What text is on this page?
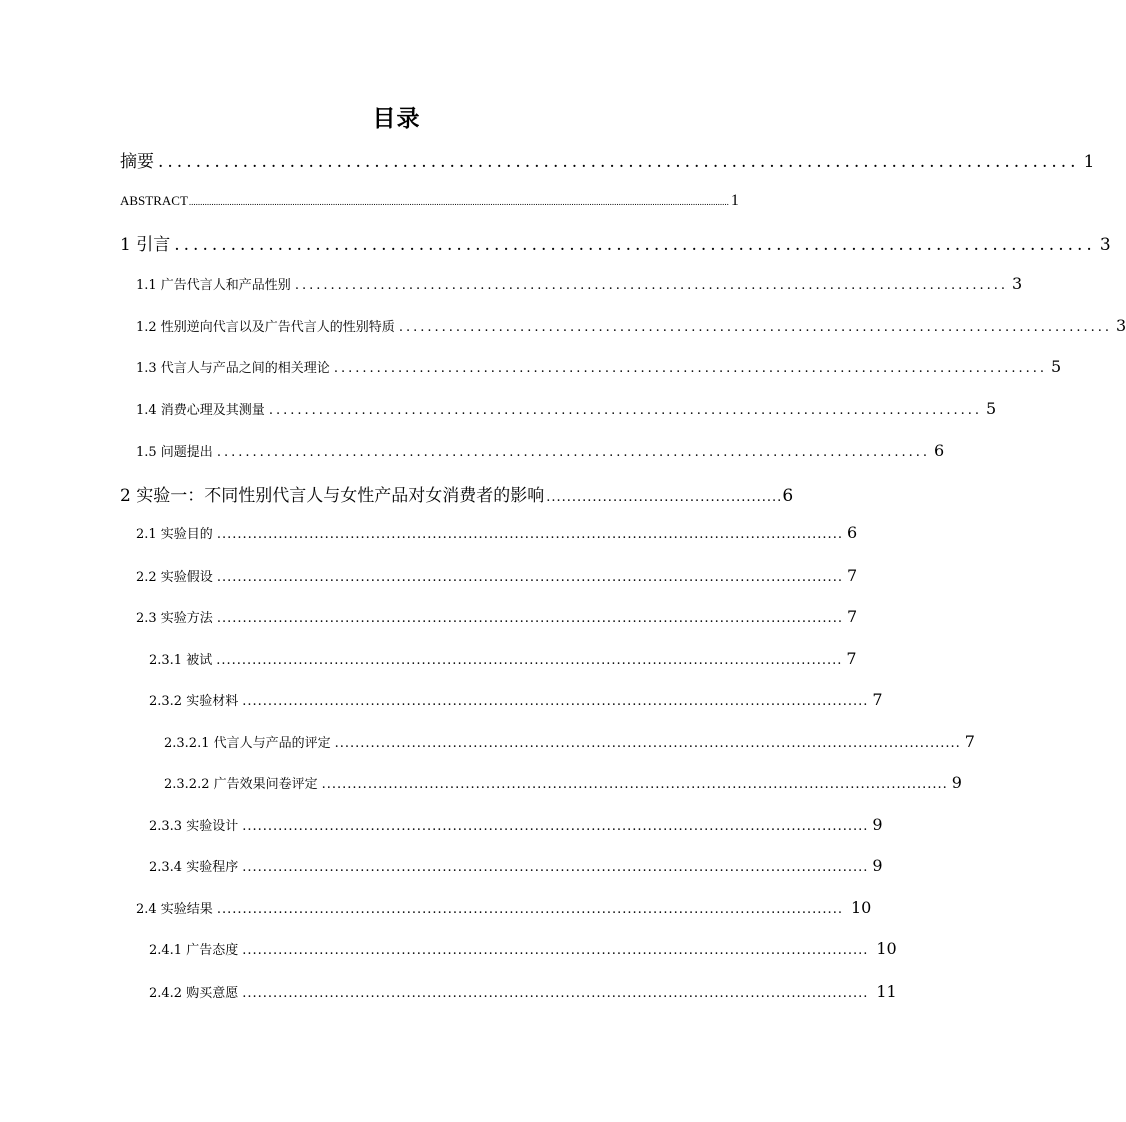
目录
摘要 .................................................................................................. 1
ABSTRACT ................................................................................................................................................................................................................................................ 1
1 引言 .................................................................................................. 3
1.1 广告代言人和产品性别 .................................................................................................... 3
1.2 性别逆向代言以及广告代言人的性别特质 .................................................................................................... 3
1.3 代言人与产品之间的相关理论 .................................................................................................... 5
1.4 消费心理及其测量 .................................................................................................... 5
1.5 问题提出 .................................................................................................... 6
2 实验一：不同性别代言人与女性产品对女消费者的影响 .............................................. 6
2.1 实验目的 .......................................................................................................................... 6
2.2 实验假设 .......................................................................................................................... 7
2.3 实验方法 .......................................................................................................................... 7
2.3.1 被试 .......................................................................................................................... 7
2.3.2 实验材料 .......................................................................................................................... 7
2.3.2.1 代言人与产品的评定 .......................................................................................................................... 7
2.3.2.2 广告效果问卷评定 .......................................................................................................................... 9
2.3.3 实验设计 .......................................................................................................................... 9
2.3.4 实验程序 .......................................................................................................................... 9
2.4 实验结果 .......................................................................................................................... 10
2.4.1 广告态度 .......................................................................................................................... 10
2.4.2 购买意愿 .......................................................................................................................... 11
